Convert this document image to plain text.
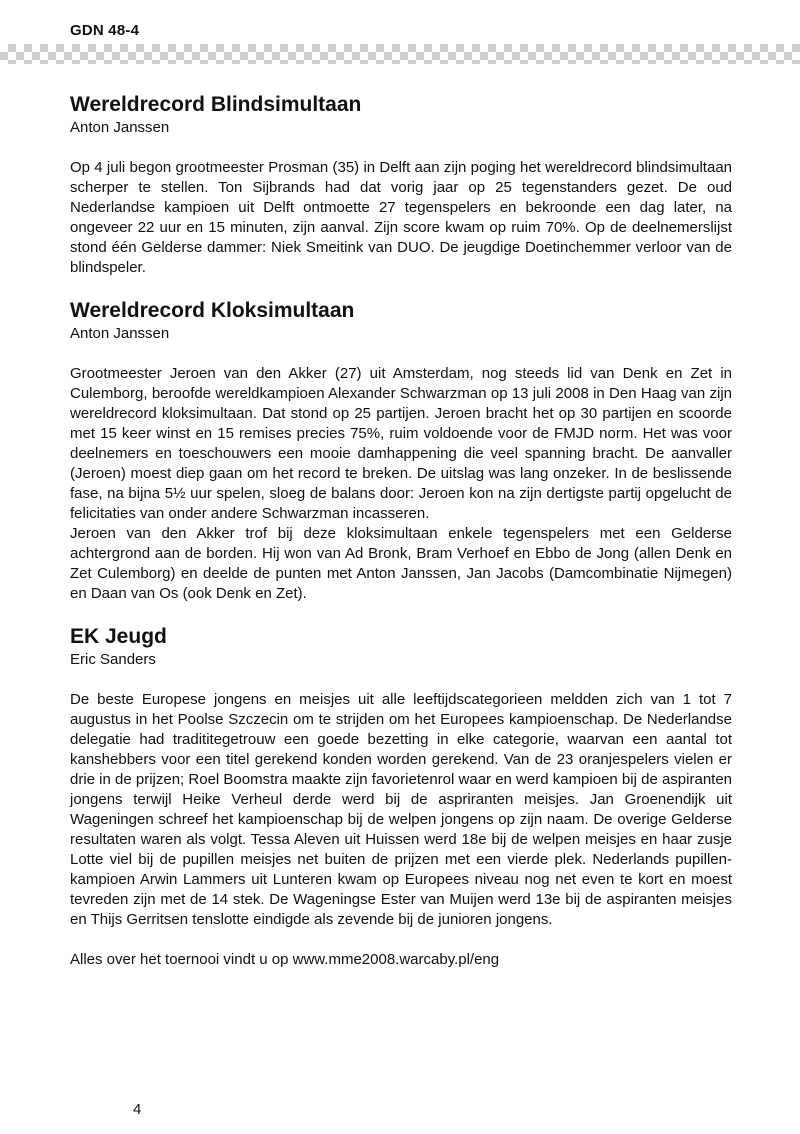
GDN 48-4
Wereldrecord Blindsimultaan

Anton Janssen

Op 4 juli begon grootmeester Prosman (35) in Delft aan zijn poging het wereldrecord blindsimultaan scherper te stellen. Ton Sijbrands had dat vorig jaar op 25 tegenstanders gezet. De oud Nederlandse kampioen uit Delft ontmoette 27 tegenspelers en bekroonde een dag later, na ongeveer 22 uur en 15 minuten, zijn aanval. Zijn score kwam op ruim 70%. Op de deelnemerslijst stond één Gelderse dammer: Niek Smeitink van DUO. De jeugdige Doetinchemmer verloor van de blindspeler.

Wereldrecord Kloksimultaan

Anton Janssen

Grootmeester Jeroen van den Akker (27) uit Amsterdam, nog steeds lid van Denk en Zet in Culemborg, beroofde wereldkampioen Alexander Schwarzman op 13 juli 2008 in Den Haag van zijn wereldrecord kloksimultaan. Dat stond op 25 partijen. Jeroen bracht het op 30 partijen en scoorde met 15 keer winst en 15 remises precies 75%, ruim voldoende voor de FMJD norm. Het was voor deelnemers en toeschouwers een mooie damhappening die veel spanning bracht. De aanvaller (Jeroen) moest diep gaan om het record te breken. De uitslag was lang onzeker. In de beslissende fase, na bijna 5½ uur spelen, sloeg de balans door: Jeroen kon na zijn dertigste partij opgelucht de felicitaties van onder andere Schwarzman incasseren.

Jeroen van den Akker trof bij deze kloksimultaan enkele tegenspelers met een Gelderse achtergrond aan de borden. Hij won van Ad Bronk, Bram Verhoef en Ebbo de Jong (allen Denk en Zet Culemborg) en deelde de punten met Anton Janssen, Jan Jacobs (Damcombinatie Nijmegen) en Daan van Os (ook Denk en Zet).

EK Jeugd

Eric Sanders

De beste Europese jongens en meisjes uit alle leeftijdscategorieen meldden zich van 1 tot 7 augustus in het Poolse Szczecin om te strijden om het Europees kampioenschap. De Nederlandse delegatie had tradititegetrouw een goede bezetting in elke categorie, waarvan een aantal tot kanshebbers voor een titel gerekend konden worden gerekend. Van de 23 oranjespelers vielen er drie in de prijzen; Roel Boomstra maakte zijn favorietenrol waar en werd kampioen bij de aspiranten jongens terwijl Heike Verheul derde werd bij de aspriranten meisjes. Jan Groenendijk uit Wageningen schreef het kampioenschap bij de welpen jongens op zijn naam. De overige Gelderse resultaten waren als volgt. Tessa Aleven uit Huissen werd 18e bij de welpen meisjes en haar zusje Lotte viel bij de pupillen meisjes net buiten de prijzen met een vierde plek. Nederlands pupillen-kampioen Arwin Lammers uit Lunteren kwam op Europees niveau nog net even te kort en moest tevreden zijn met de 14 stek. De Wageningse Ester van Muijen werd 13e bij de aspiranten meisjes en Thijs Gerritsen tenslotte eindigde als zevende bij de junioren jongens.

Alles over het toernooi vindt u op www.mme2008.warcaby.pl/eng

4
